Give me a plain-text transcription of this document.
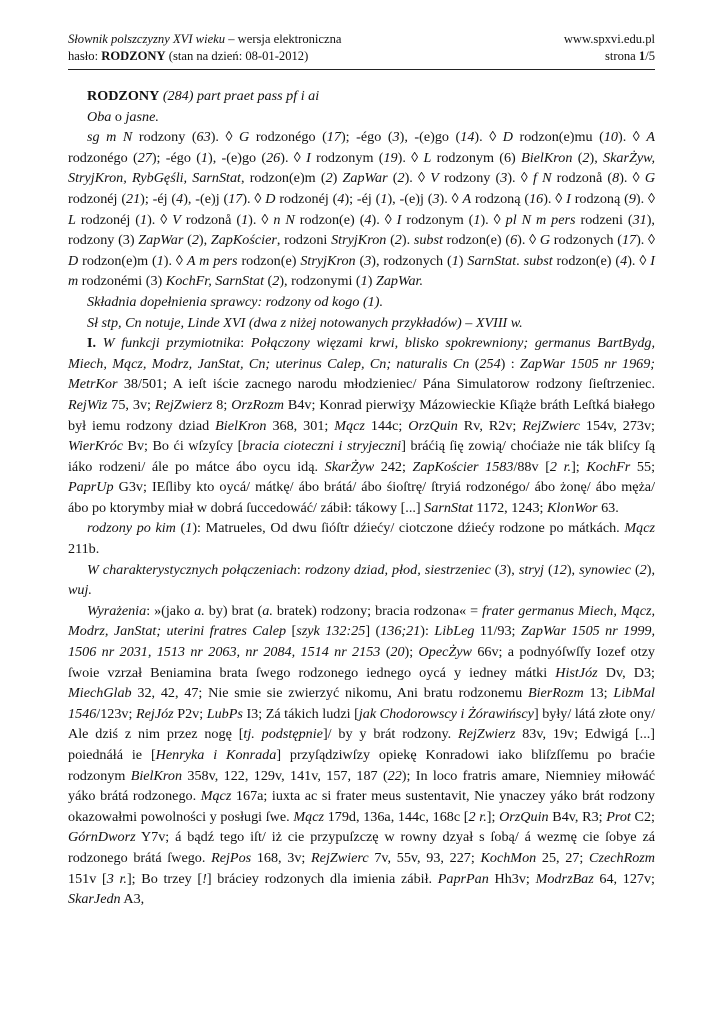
Słownik polszczyzny XVI wieku – wersja elektroniczna	www.spxvi.edu.pl
hasło: RODZONY (stan na dzień: 08-01-2012)	strona 1/5

RODZONY (284) part praet pass pf i ai

Oba o jasne.

sg m N rodzony (63). ◊ G rodzonégo (17); -égo (3), -(e)go (14). ◊ D rodzon(e)mu (10). ◊ A rodzonégo (27); -égo (1), -(e)go (26). ◊ I rodzonym (19). ◊ L rodzonym (6) BielKron (2), SkarŻyw, StryjKron, RybGęśli, SarnStat, rodzon(e)m (2) ZapWar (2). ◊ V rodzony (3). ◊ f N rodzonå (8). ◊ G rodzonéj (21); -éj (4), -(e)j (17). ◊ D rodzonéj (4); -éj (1), -(e)j (3). ◊ A rodzoną (16). ◊ I rodzoną (9). ◊ L rodzonéj (1). ◊ V rodzonå (1). ◊ n N rodzon(e) (4). ◊ I rodzonym (1). ◊ pl N m pers rodzeni (31), rodzony (3) ZapWar (2), ZapKościer, rodzoni StryjKron (2). subst rodzon(e) (6). ◊ G rodzonych (17). ◊ D rodzon(e)m (1). ◊ A m pers rodzon(e) StryjKron (3), rodzonych (1) SarnStat. subst rodzon(e) (4). ◊ I m rodzonémi (3) KochFr, SarnStat (2), rodzonymi (1) ZapWar.

Składnia dopełnienia sprawcy: rodzony od kogo (1).

Sł stp, Cn notuje, Linde XVI (dwa z niżej notowanych przykładów) – XVIII w.

I. W funkcji przymiotnika: Połączony więzami krwi, blisko spokrewniony; germanus BartBydg, Miech, Mącz, Modrz, JanStat, Cn; uterinus Calep, Cn; naturalis Cn (254) : ZapWar 1505 nr 1969; MetrKor 38/501; A ieſt iście zacnego narodu młodzieniec/ Pána Simulatorow rodzony ſieſtrzeniec. RejWiz 75, 3v; RejZwierz 8; OrzRozm B4v; Konrad pierwiʒy Mázowieckie Kſiąże bráth Leſtká białego był iemu rodzony dziad BielKron 368, 301; Mącz 144c; OrzQuin Rv, R2v; RejZwierc 154v, 273v; WierKróc Bv; Bo ći wſzyſcy [bracia cioteczni i stryjeczni] bráćią ſię zowią/ choćiaże nie ták bliſcy ſą iáko rodzeni/ ále po mátce ábo oycu idą. SkarŻyw 242; ZapKościer 1583/88v [2 r.]; KochFr 55; PaprUp G3v; IEſliby kto oycá/ mátkę/ ábo brátá/ ábo śioſtrę/ ſtryiá rodzonégo/ ábo żonę/ ábo męża/ ábo po ktorymby miał w dobrá ſuccedowáć/ zábił: tákowy [...] SarnStat 1172, 1243; KlonWor 63.

rodzony po kim (1): Matrueles, Od dwu ſióſtr dźiećy/ ciotczone dźiećy rodzone po mátkách. Mącz 211b.

W charakterystycznych połączeniach: rodzony dziad, płod, siestrzeniec (3), stryj (12), synowiec (2), wuj.

Wyrażenia: »(jako a. by) brat (a. bratek) rodzony; bracia rodzona« = frater germanus Miech, Mącz, Modrz, JanStat; uterini fratres Calep [szyk 132:25] (136;21): LibLeg 11/93; ZapWar 1505 nr 1999, 1506 nr 2031, 1513 nr 2063, nr 2084, 1514 nr 2153 (20); OpecŻyw 66v; a podnyóſwſſy Iozef otzy ſwoie vzrzał Beniamina brata ſwego rodzonego iednego oycá y iedney mátki HistJóz Dv, D3; MiechGlab 32, 42, 47; Nie smie sie zwierzyć nikomu, Ani bratu rodzonemu BierRozm 13; LibMal 1546/123v; RejJóz P2v; LubPs I3; Zá tákich ludzi [jak Chodorowscy i Żórawińscy] były/ látá złote ony/ Ale dziś z nim przez nogę [tj. podstępnie]/ by y brát rodzony. RejZwierz 83v, 19v; Edwigá [...] poiednáłá ie [Henryka i Konrada] przyſądziwſzy opiekę Konradowi iako bliſzſſemu po braćie rodzonym BielKron 358v, 122, 129v, 141v, 157, 187 (22); In loco fratris amare, Niemniey miłowáć yáko brátá rodzonego. Mącz 167a; iuxta ac si frater meus sustentavit, Nie ynaczey yáko brát rodzony okazowałmi powolności y posługi ſwe. Mącz 179d, 136a, 144c, 168c [2 r.]; OrzQuin B4v, R3; Prot C2; GórnDworz Y7v; á bądź tego iſt/ iż cie przypuſzczę w rowny dzyał s ſobą/ á wezmę cie ſobye zá rodzonego brátá ſwego. RejPos 168, 3v; RejZwierc 7v, 55v, 93, 227; KochMon 25, 27; CzechRozm 151v [3 r.]; Bo trzey [!] bráciey rodzonych dla imienia zábił. PaprPan Hh3v; ModrzBaz 64, 127v; SkarJedn A3,
